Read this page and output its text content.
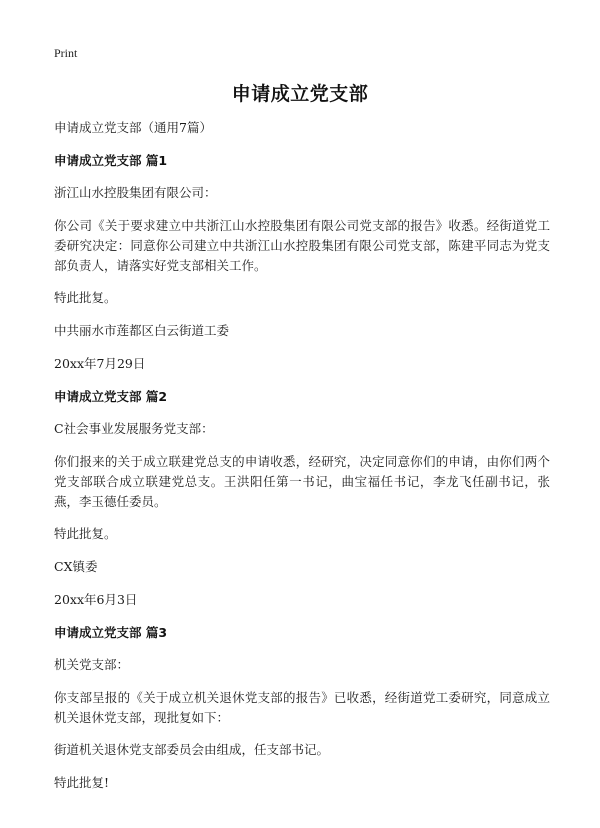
Print
申请成立党支部
申请成立党支部（通用7篇）
申请成立党支部 篇1
浙江山水控股集团有限公司：
你公司《关于要求建立中共浙江山水控股集团有限公司党支部的报告》收悉。经街道党工委研究决定：同意你公司建立中共浙江山水控股集团有限公司党支部，陈建平同志为党支部负责人，请落实好党支部相关工作。
特此批复。
中共丽水市莲都区白云街道工委
20xx年7月29日
申请成立党支部 篇2
C社会事业发展服务党支部：
你们报来的关于成立联建党总支的申请收悉，经研究，决定同意你们的申请，由你们两个党支部联合成立联建党总支。王洪阳任第一书记，曲宝福任书记，李龙飞任副书记，张燕，李玉德任委员。
特此批复。
CX镇委
20xx年6月3日
申请成立党支部 篇3
机关党支部：
你支部呈报的《关于成立机关退休党支部的报告》已收悉，经街道党工委研究，同意成立机关退休党支部，现批复如下：
街道机关退休党支部委员会由组成，任支部书记。
特此批复!
